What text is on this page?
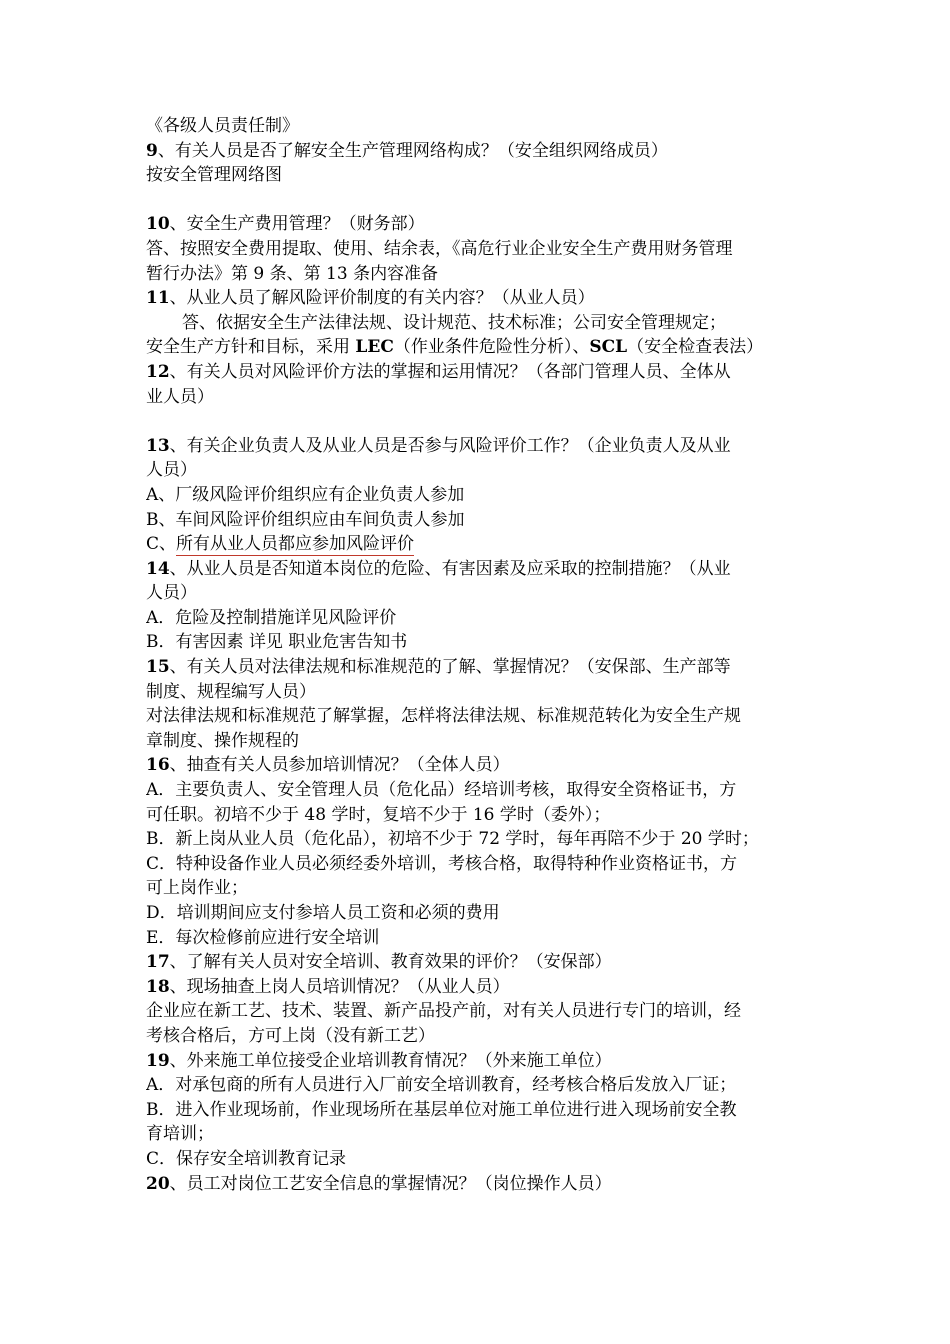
《各级人员责任制》
9、有关人员是否了解安全生产管理网络构成？（安全组织网络成员）
按安全管理网络图
10、安全生产费用管理？（财务部）
答、按照安全费用提取、使用、结余表，《高危行业企业安全生产费用财务管理
暂行办法》第 9 条、第 13 条内容准备
11、从业人员了解风险评价制度的有关内容？（从业人员）
答、依据安全生产法律法规、设计规范、技术标准；公司安全管理规定；
安全生产方针和目标，采用 LEC（作业条件危险性分析）、SCL（安全检查表法）
12、有关人员对风险评价方法的掌握和运用情况？（各部门管理人员、全体从
业人员）
13、有关企业负责人及从业人员是否参与风险评价工作？（企业负责人及从业
人员）
A、厂级风险评价组织应有企业负责人参加
B、车间风险评价组织应由车间负责人参加
C、所有从业人员都应参加风险评价
14、从业人员是否知道本岗位的危险、有害因素及应采取的控制措施？（从业
人员）
A．危险及控制措施详见风险评价
B．有害因素 详见 职业危害告知书
15、有关人员对法律法规和标准规范的了解、掌握情况？（安保部、生产部等
制度、规程编写人员）
对法律法规和标准规范了解掌握，怎样将法律法规、标准规范转化为安全生产规
章制度、操作规程的
16、抽查有关人员参加培训情况？（全体人员）
A．主要负责人、安全管理人员（危化品）经培训考核，取得安全资格证书，方
可任职。初培不少于 48 学时，复培不少于 16 学时（委外）；
B．新上岗从业人员（危化品），初培不少于 72 学时，每年再陪不少于 20 学时；
C．特种设备作业人员必须经委外培训，考核合格，取得特种作业资格证书，方
可上岗作业；
D．培训期间应支付参培人员工资和必须的费用
E．每次检修前应进行安全培训
17、了解有关人员对安全培训、教育效果的评价？（安保部）
18、现场抽查上岗人员培训情况？（从业人员）
企业应在新工艺、技术、装置、新产品投产前，对有关人员进行专门的培训，经
考核合格后，方可上岗（没有新工艺）
19、外来施工单位接受企业培训教育情况？（外来施工单位）
A．对承包商的所有人员进行入厂前安全培训教育，经考核合格后发放入厂证；
B．进入作业现场前，作业现场所在基层单位对施工单位进行进入现场前安全教
育培训；
C．保存安全培训教育记录
20、员工对岗位工艺安全信息的掌握情况？（岗位操作人员）
